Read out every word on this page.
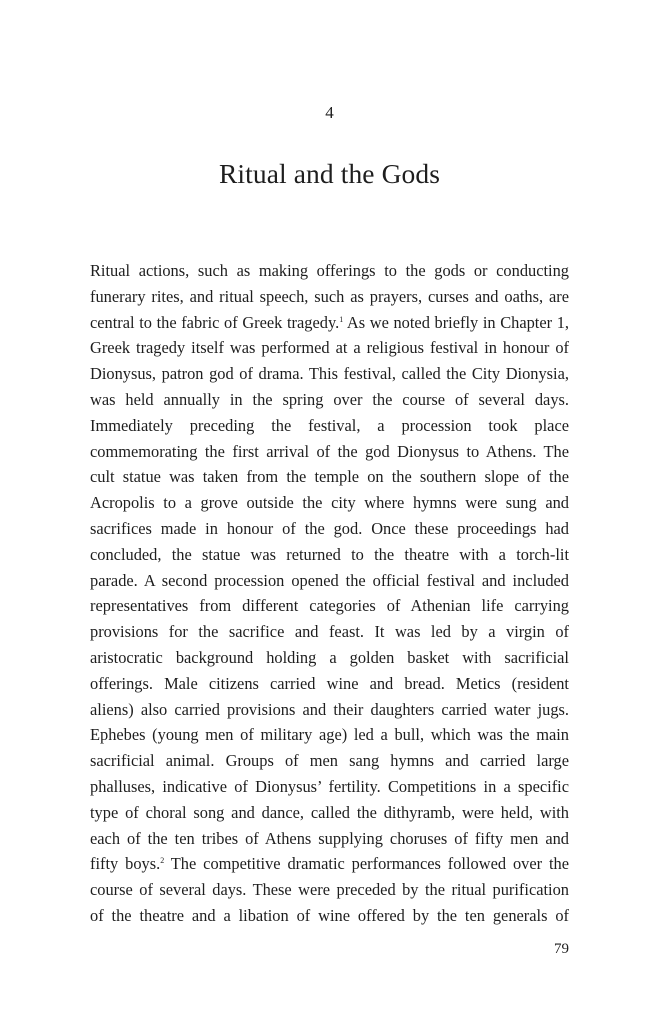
4
Ritual and the Gods
Ritual actions, such as making offerings to the gods or conducting
funerary rites, and ritual speech, such as prayers, curses and oaths, are
central to the fabric of Greek tragedy.$^1$ As we noted briefly in Chapter 1,
Greek tragedy itself was performed at a religious festival in honour of
Dionysus, patron god of drama. This festival, called the City Dionysia,
was held annually in the spring over the course of several days.
Immediately preceding the festival, a procession took place
commemorating the first arrival of the god Dionysus to Athens. The
cult statue was taken from the temple on the southern slope of the
Acropolis to a grove outside the city where hymns were sung and
sacrifices made in honour of the god. Once these proceedings had
concluded, the statue was returned to the theatre with a torch-lit
parade. A second procession opened the official festival and included
representatives from different categories of Athenian life carrying
provisions for the sacrifice and feast. It was led by a virgin of
aristocratic background holding a golden basket with sacrificial
offerings. Male citizens carried wine and bread. Metics (resident
aliens) also carried provisions and their daughters carried water jugs.
Ephebes (young men of military age) led a bull, which was the main
sacrificial animal. Groups of men sang hymns and carried large
phalluses, indicative of Dionysus’ fertility. Competitions in a specific
type of choral song and dance, called the dithyramb, were held, with
each of the ten tribes of Athens supplying choruses of fifty men and
fifty boys.$^2$ The competitive dramatic performances followed over the
course of several days. These were preceded by the ritual purification
of the theatre and a libation of wine offered by the ten generals of
79
